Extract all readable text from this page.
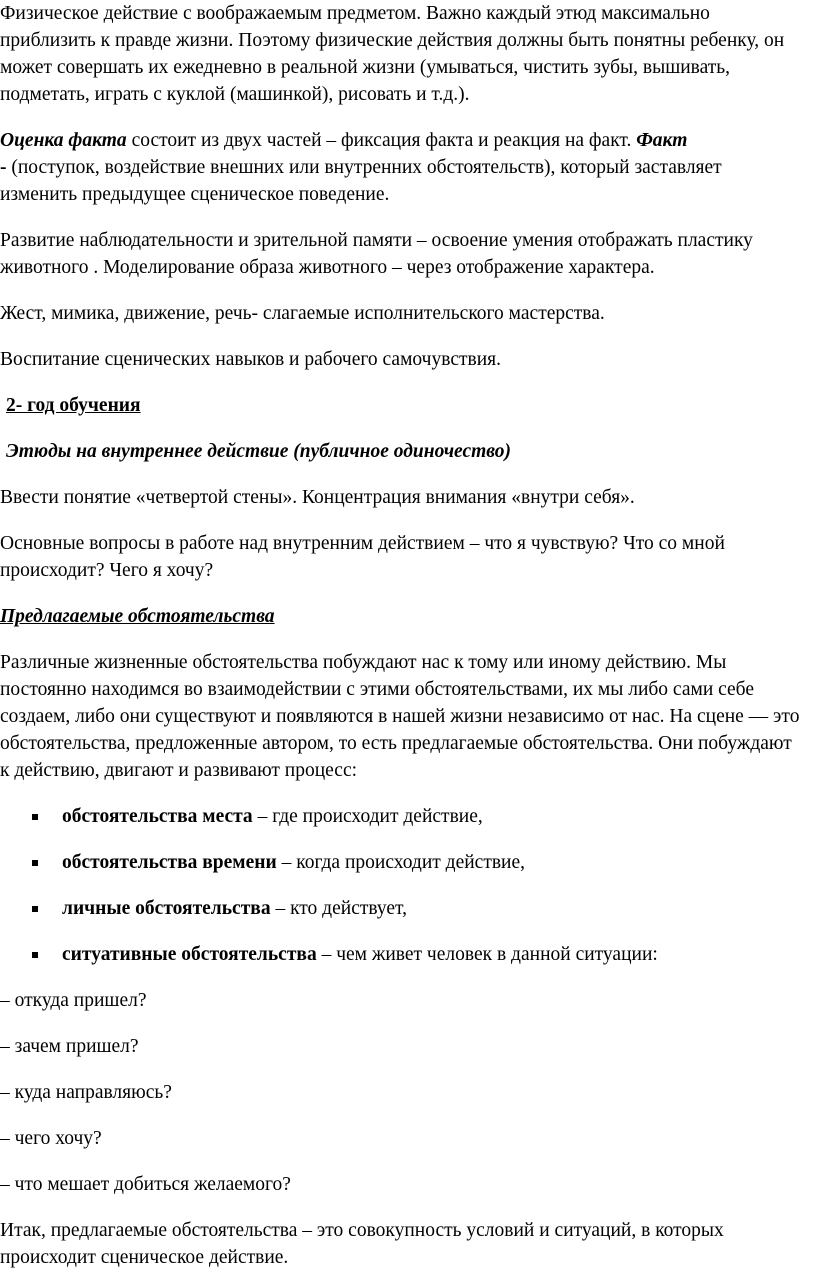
Физическое действие с воображаемым предметом. Важно каждый этюд максимально приблизить к правде жизни. Поэтому физические действия должны быть понятны ребенку, он может совершать их ежедневно в реальной жизни (умываться, чистить зубы, вышивать, подметать, играть с куклой (машинкой), рисовать и т.д.).

Оценка факта состоит из двух частей – фиксация факта и реакция на факт. Факт
- (поступок, воздействие внешних или внутренних обстоятельств), который заставляет изменить предыдущее сценическое поведение.

Развитие наблюдательности и зрительной памяти – освоение умения отображать пластику животного . Моделирование образа животного – через отображение характера.

Жест, мимика, движение, речь- слагаемые исполнительского мастерства.

Воспитание сценических навыков и рабочего самочувствия.

2- год обучения

Этюды на внутреннее действие (публичное одиночество)

Ввести понятие «четвертой стены». Концентрация внимания «внутри себя».

Основные вопросы в работе над внутренним действием – что я чувствую? Что со мной происходит? Чего я хочу?

Предлагаемые обстоятельства

Различные жизненные обстоятельства побуждают нас к тому или иному действию. Мы постоянно находимся во взаимодействии с этими обстоятельствами, их мы либо сами себе создаем, либо они существуют и появляются в нашей жизни независимо от нас. На сцене — это обстоятельства, предложенные автором, то есть предлагаемые обстоятельства. Они побуждают к действию, двигают и развивают процесс:

обстоятельства места – где происходит действие,
обстоятельства времени – когда происходит действие,
личные обстоятельства – кто действует,
ситуативные обстоятельства – чем живет человек в данной ситуации:

– откуда пришел?

– зачем пришел?

– куда направляюсь?

– чего хочу?

– что мешает добиться желаемого?

Итак, предлагаемые обстоятельства – это совокупность условий и ситуаций, в которых происходит сценическое действие.
